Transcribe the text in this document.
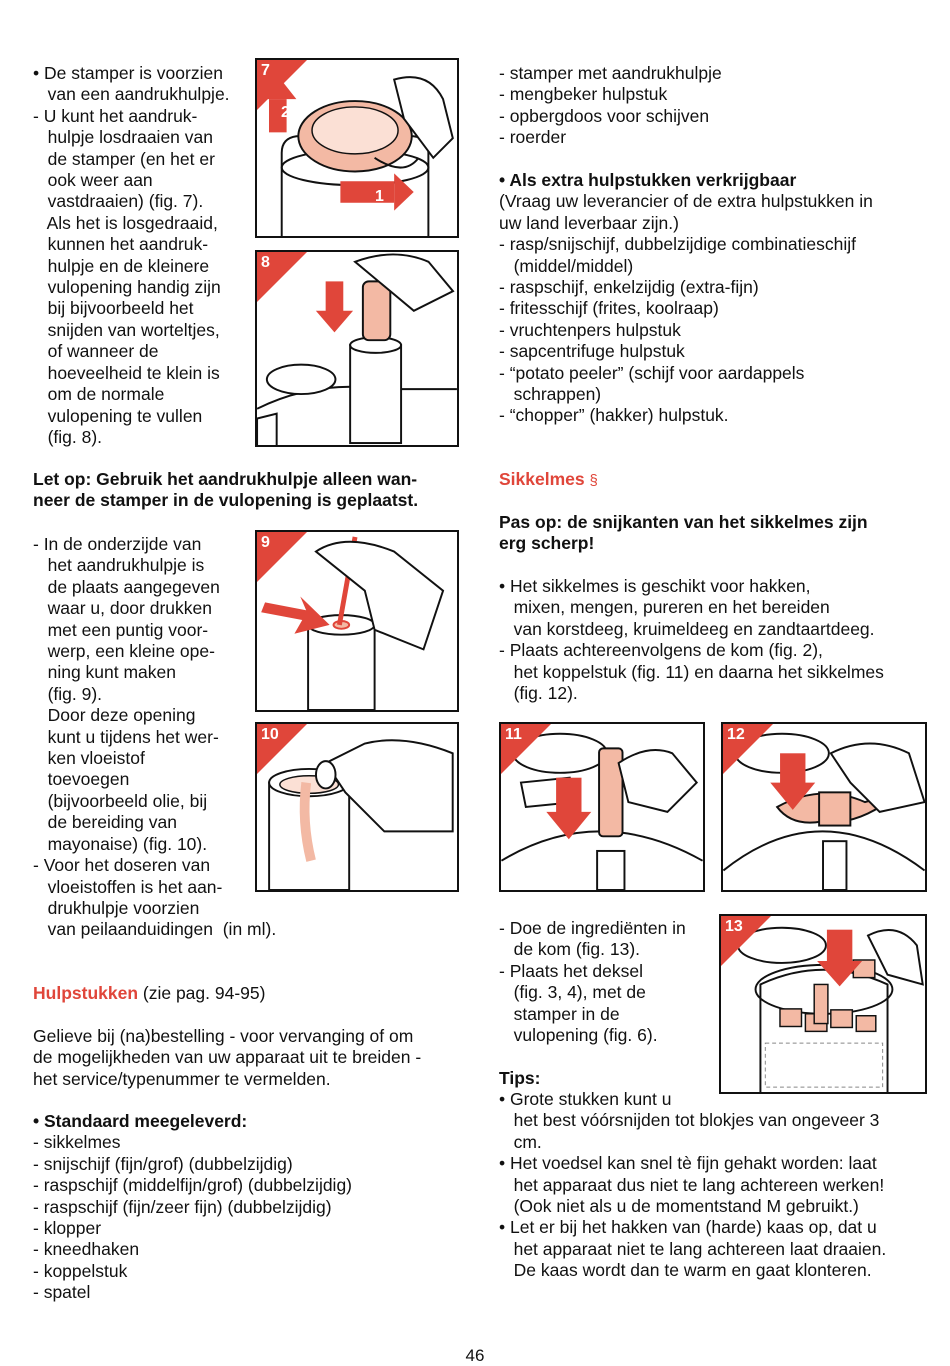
• De stamper is voorzien
van een aandrukhulpje.
- U kunt het aandruk-
hulpje losdraaien van
de stamper (en het er
ook weer aan
vastdraaien) (fig. 7).
Als het is losgedraaid,
kunnen het aandruk-
hulpje en de kleinere
vulopening handig zijn
bij bijvoorbeeld het
snijden van worteltjes,
of wanneer de
hoeveelheid te klein is
om de normale
vulopening te vullen
(fig. 8).
7
2
1
8
Let op: Gebruik het aandrukhulpje alleen wan-
neer de stamper in de vulopening is geplaatst.
- In de onderzijde van
het aandrukhulpje is
de plaats aangegeven
waar u, door drukken
met een puntig voor-
werp, een kleine ope-
ning kunt maken
(fig. 9).
Door deze opening
kunt u tijdens het wer-
ken vloeistof
toevoegen
(bijvoorbeeld olie, bij
de bereiding van
mayonaise) (fig. 10).
- Voor het doseren van
vloeistoffen is het aan-
drukhulpje voorzien
van peilaanduidingen  (in ml).
9
10
Hulpstukken (zie pag. 94-95)
Gelieve bij (na)bestelling - voor vervanging of om
de mogelijkheden van uw apparaat uit te breiden -
het service/typenummer te vermelden.
• Standaard meegeleverd:
- sikkelmes
- snijschijf (fijn/grof) (dubbelzijdig)
- raspschijf (middelfijn/grof) (dubbelzijdig)
- raspschijf (fijn/zeer fijn) (dubbelzijdig)
- klopper
- kneedhaken
- koppelstuk
- spatel
- stamper met aandrukhulpje
- mengbeker hulpstuk
- opbergdoos voor schijven
- roerder
• Als extra hulpstukken verkrijgbaar
(Vraag uw leverancier of de extra hulpstukken in
uw land leverbaar zijn.)
- rasp/snijschijf, dubbelzijdige combinatieschijf
(middel/middel)
- raspschijf, enkelzijdig (extra-fijn)
- fritesschijf (frites, koolraap)
- vruchtenpers hulpstuk
- sapcentrifuge hulpstuk
- “potato peeler” (schijf voor aardappels
schrappen)
- “chopper” (hakker) hulpstuk.
Sikkelmes §
Pas op: de snijkanten van het sikkelmes zijn
erg scherp!
• Het sikkelmes is geschikt voor hakken,
mixen, mengen, pureren en het bereiden
van korstdeeg, kruimeldeeg en zandtaartdeeg.
- Plaats achtereenvolgens de kom (fig. 2),
het koppelstuk (fig. 11) en daarna het sikkelmes
(fig. 12).
11	12
- Doe de ingrediënten in
de kom (fig. 13).
- Plaats het deksel
(fig. 3, 4), met de
stamper in de
vulopening (fig. 6).
13
Tips:
• Grote stukken kunt u
het best vóórsnijden tot blokjes van ongeveer 3
cm.
• Het voedsel kan snel tè fijn gehakt worden: laat
het apparaat dus niet te lang achtereen werken!
(Ook niet als u de momentstand M gebruikt.)
• Let er bij het hakken van (harde) kaas op, dat u
het apparaat niet te lang achtereen laat draaien.
De kaas wordt dan te warm en gaat klonteren.
46
